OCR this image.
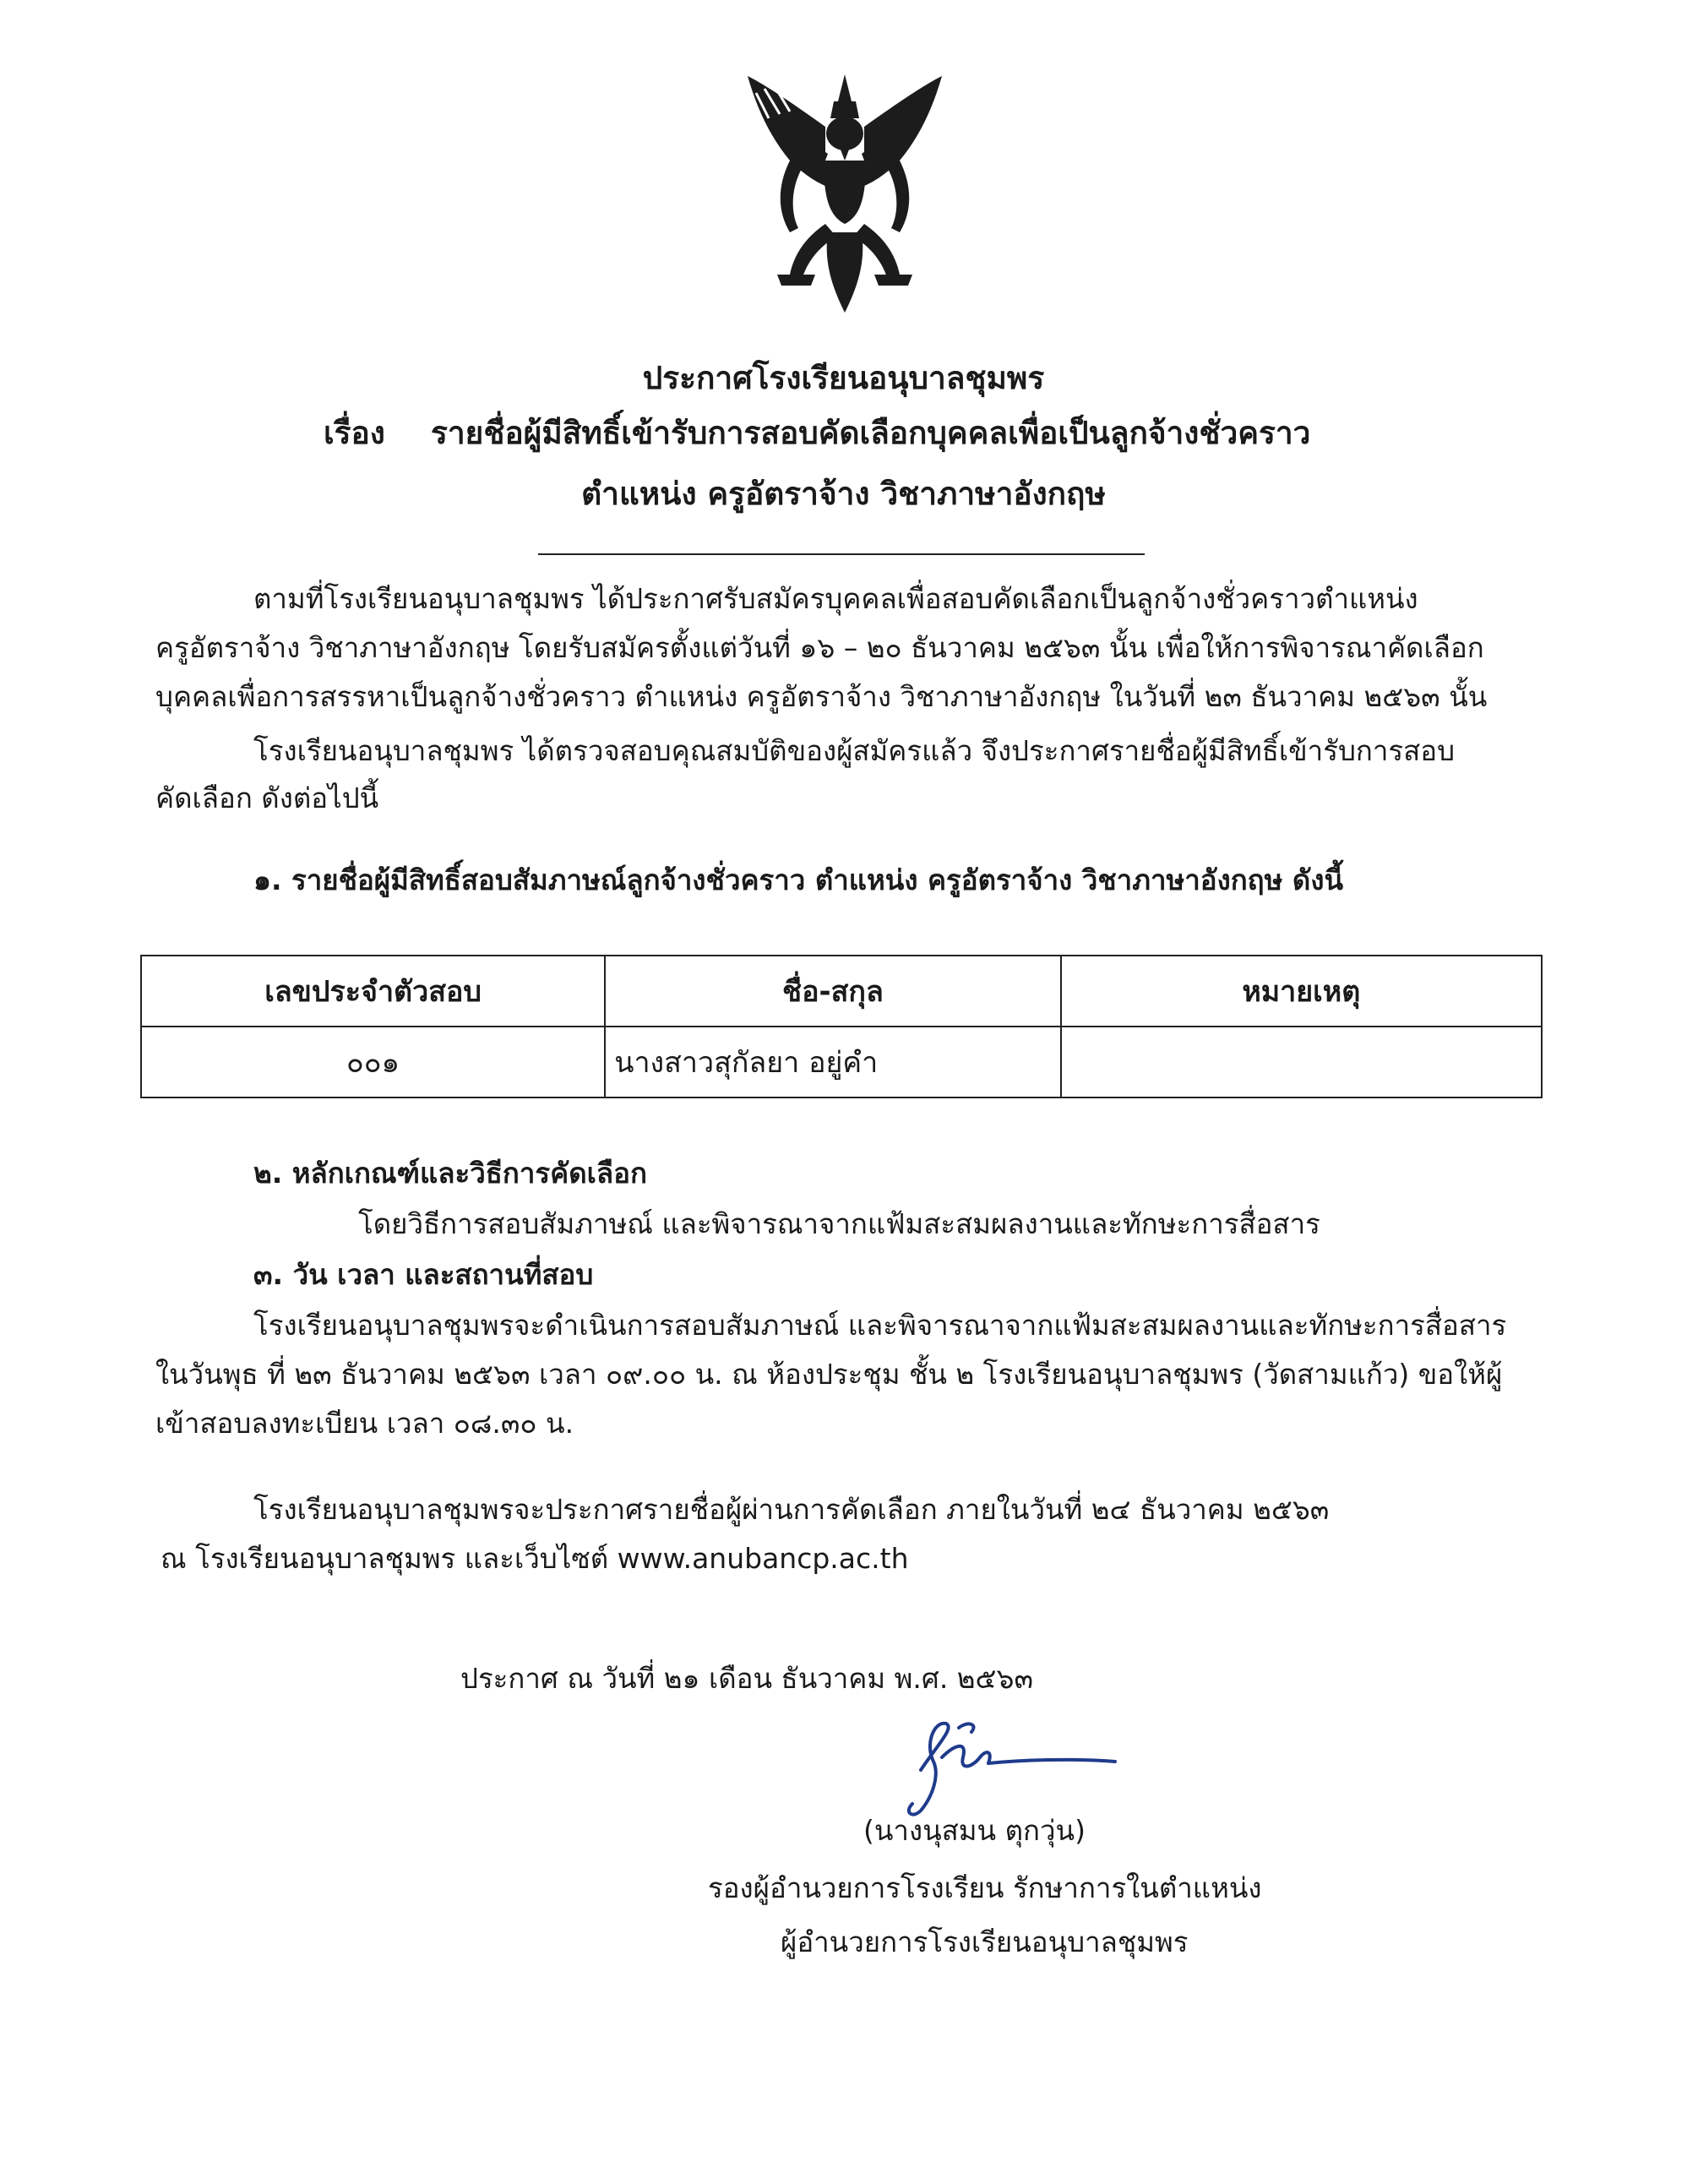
ประกาศโรงเรียนอนุบาลชุมพร
เรื่อง รายชื่อผู้มีสิทธิ์เข้ารับการสอบคัดเลือกบุคคลเพื่อเป็นลูกจ้างชั่วคราว
ตำแหน่ง ครูอัตราจ้าง วิชาภาษาอังกฤษ
ตามที่โรงเรียนอนุบาลชุมพร ได้ประกาศรับสมัครบุคคลเพื่อสอบคัดเลือกเป็นลูกจ้างชั่วคราวตำแหน่ง
ครูอัตราจ้าง วิชาภาษาอังกฤษ โดยรับสมัครตั้งแต่วันที่ ๑๖ – ๒๐ ธันวาคม ๒๕๖๓ นั้น เพื่อให้การพิจารณาคัดเลือก
บุคคลเพื่อการสรรหาเป็นลูกจ้างชั่วคราว ตำแหน่ง ครูอัตราจ้าง วิชาภาษาอังกฤษ ในวันที่ ๒๓ ธันวาคม ๒๕๖๓ นั้น
โรงเรียนอนุบาลชุมพร ได้ตรวจสอบคุณสมบัติของผู้สมัครแล้ว จึงประกาศรายชื่อผู้มีสิทธิ์เข้ารับการสอบ
คัดเลือก ดังต่อไปนี้
๑. รายชื่อผู้มีสิทธิ์สอบสัมภาษณ์ลูกจ้างชั่วคราว ตำแหน่ง ครูอัตราจ้าง วิชาภาษาอังกฤษ ดังนี้
เลขประจำตัวสอบ	ชื่อ-สกุล	หมายเหตุ
๐๐๑	นางสาวสุกัลยา อยู่คำ	
๒. หลักเกณฑ์และวิธีการคัดเลือก
โดยวิธีการสอบสัมภาษณ์ และพิจารณาจากแฟ้มสะสมผลงานและทักษะการสื่อสาร
๓. วัน เวลา และสถานที่สอบ
โรงเรียนอนุบาลชุมพรจะดำเนินการสอบสัมภาษณ์ และพิจารณาจากแฟ้มสะสมผลงานและทักษะการสื่อสาร
ในวันพุธ ที่ ๒๓ ธันวาคม ๒๕๖๓ เวลา ๐๙.๐๐ น. ณ ห้องประชุม ชั้น ๒ โรงเรียนอนุบาลชุมพร (วัดสามแก้ว) ขอให้ผู้
เข้าสอบลงทะเบียน เวลา ๐๘.๓๐ น.
โรงเรียนอนุบาลชุมพรจะประกาศรายชื่อผู้ผ่านการคัดเลือก ภายในวันที่ ๒๔ ธันวาคม ๒๕๖๓
ณ โรงเรียนอนุบาลชุมพร และเว็บไซต์ www.anubancp.ac.th
ประกาศ ณ วันที่ ๒๑ เดือน ธันวาคม พ.ศ. ๒๕๖๓
(นางนุสมน ตุกวุ่น)
รองผู้อำนวยการโรงเรียน รักษาการในตำแหน่ง
ผู้อำนวยการโรงเรียนอนุบาลชุมพร
